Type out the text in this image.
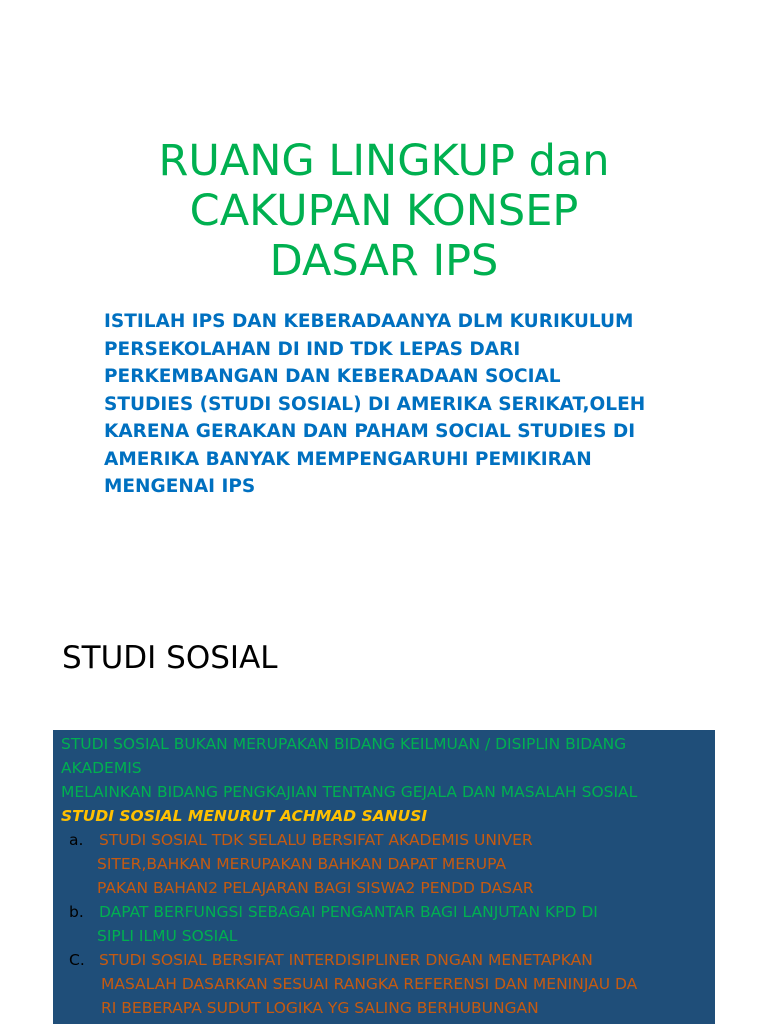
RUANG LINGKUP dan
CAKUPAN KONSEP
DASAR IPS
ISTILAH IPS DAN KEBERADAANYA DLM KURIKULUM
PERSEKOLAHAN DI IND TDK LEPAS DARI
PERKEMBANGAN DAN KEBERADAAN SOCIAL
STUDIES (STUDI SOSIAL) DI AMERIKA SERIKAT,OLEH
KARENA GERAKAN DAN PAHAM SOCIAL STUDIES DI
AMERIKA BANYAK MEMPENGARUHI PEMIKIRAN
MENGENAI IPS
STUDI SOSIAL
STUDI SOSIAL BUKAN MERUPAKAN BIDANG KEILMUAN / DISIPLIN BIDANG
AKADEMIS
MELAINKAN BIDANG PENGKAJIAN TENTANG GEJALA DAN MASALAH SOSIAL
STUDI SOSIAL MENURUT ACHMAD SANUSI
a. STUDI SOSIAL TDK SELALU BERSIFAT AKADEMIS UNIVER
SITER,BAHKAN MERUPAKAN BAHKAN DAPAT MERUPA
PAKAN BAHAN2 PELAJARAN BAGI SISWA2 PENDD DASAR
b. DAPAT BERFUNGSI SEBAGAI PENGANTAR BAGI LANJUTAN KPD DI
SIPLI ILMU SOSIAL
C. STUDI SOSIAL BERSIFAT INTERDISIPLINER DNGAN MENETAPKAN
MASALAH DASARKAN SESUAI RANGKA REFERENSI DAN MENINJAU DA
RI BEBERAPA SUDUT LOGIKA YG SALING BERHUBUNGAN
